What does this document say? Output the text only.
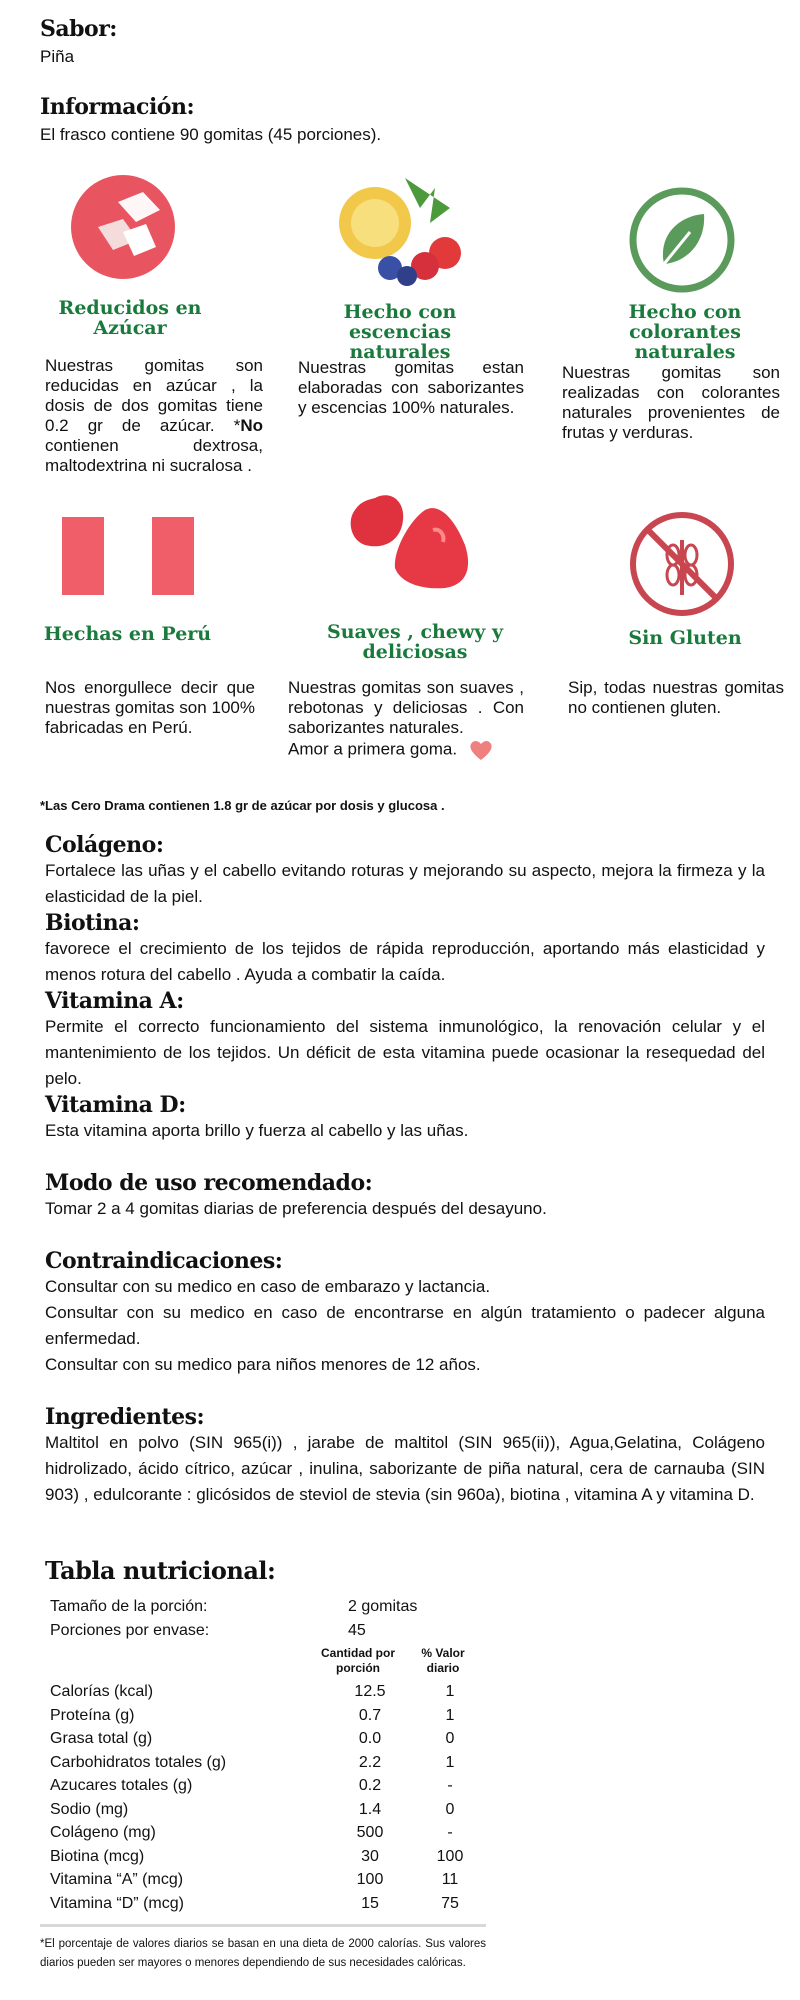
Sabor:
Piña
Información:
El frasco contiene 90 gomitas (45 porciones).
Reducidos en Azúcar
Nuestras gomitas son reducidas en azúcar , la dosis de dos gomitas tiene 0.2 gr de azúcar. *No contienen dextrosa, maltodextrina ni sucralosa .
Hecho con escencias naturales
Nuestras gomitas estan elaboradas con saborizantes y escencias 100% naturales.
Hecho con colorantes naturales
Nuestras gomitas son realizadas con colorantes naturales provenientes de frutas y verduras.
Hechas en Perú
Nos enorgullece decir que nuestras gomitas son 100% fabricadas en Perú.
Suaves , chewy y deliciosas
Nuestras gomitas son suaves , rebotonas y deliciosas . Con saborizantes naturales.
Amor a primera goma.
Sin Gluten
Sip, todas nuestras gomitas no contienen gluten.
*Las Cero Drama contienen 1.8 gr de azúcar por dosis y glucosa .
Colágeno:
Fortalece las uñas y el cabello evitando roturas y mejorando su aspecto, mejora la firmeza y la elasticidad de la piel.
Biotina:
favorece el crecimiento de los tejidos de rápida reproducción, aportando más elasticidad y menos rotura del cabello . Ayuda a combatir la caída.
Vitamina A:
Permite el correcto funcionamiento del sistema inmunológico, la renovación celular y el mantenimiento de los tejidos. Un déficit de esta vitamina puede ocasionar la resequedad del pelo.
Vitamina D:
Esta vitamina aporta brillo y fuerza al cabello y las uñas.
Modo de uso recomendado:
Tomar 2 a 4 gomitas diarias de preferencia después del desayuno.
Contraindicaciones:
Consultar con su medico en caso de embarazo y lactancia.
Consultar con su medico en caso de encontrarse en algún tratamiento o padecer alguna enfermedad.
Consultar con su medico para niños menores de 12 años.
Ingredientes:
Maltitol en polvo (SIN 965(i)) , jarabe de maltitol (SIN 965(ii)), Agua,Gelatina, Colágeno hidrolizado, ácido cítrico, azúcar , inulina, saborizante de piña natural, cera de carnauba (SIN 903) , edulcorante : glicósidos de steviol de stevia (sin 960a), biotina , vitamina A y vitamina D.
Tabla nutricional:
Tamaño de la porción:	2 gomitas
Porciones por envase:	45
Cantidad por porción
% Valor diario
Calorías (kcal)	12.5	1
Proteína (g)	0.7	1
Grasa total (g)	0.0	0
Carbohidratos totales (g)	2.2	1
Azucares totales (g)	0.2	-
Sodio (mg)	1.4	0
Colágeno (mg)	500	-
Biotina (mcg)	30	100
Vitamina “A” (mcg)	100	11
Vitamina “D” (mcg)	15	75
*El porcentaje de valores diarios se basan en una dieta de 2000 calorías. Sus valores diarios pueden ser mayores o menores dependiendo de sus necesidades calóricas.
